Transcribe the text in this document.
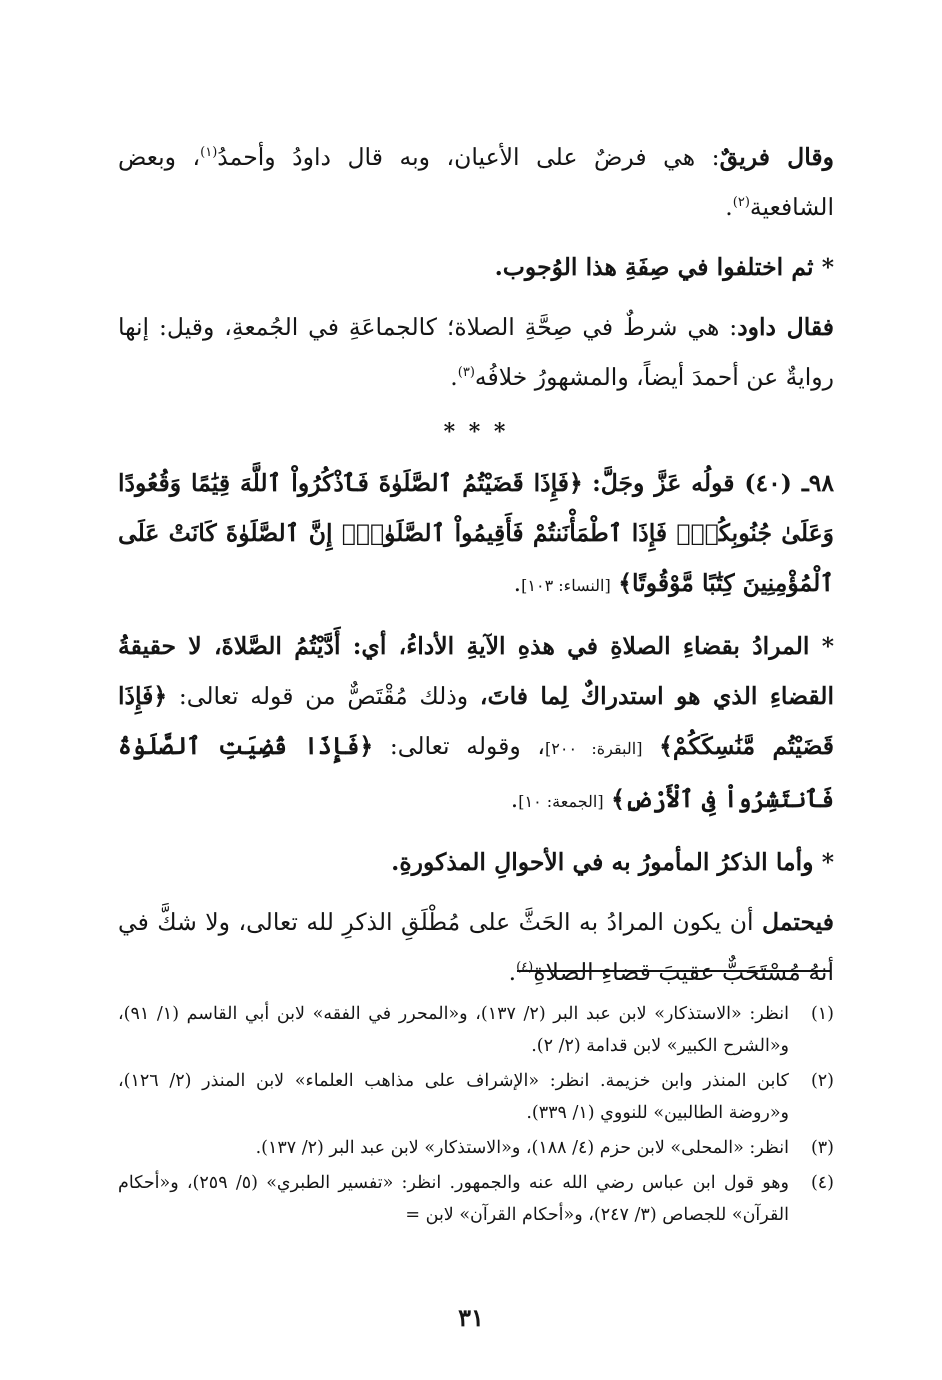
وقال فريقٌ: هي فرضٌ على الأعيان، وبه قال داودُ وأحمدُ$^{(١)}$، وبعض الشافعية$^{(٢)}$.

* ثم اختلفوا في صِفَةِ هذا الوُجوب.

فقال داود: هي شرطٌ في صِحَّةِ الصلاة؛ كالجماعَةِ في الجُمعةِ، وقيل: إنها روايةٌ عن أحمدَ أيضاً، والمشهورُ خلافُه$^{(٣)}$.

* * *

٩٨ـ (٤٠) قولُه عَزَّ وجَلَّ: ﴿فَإِذَا قَضَيْتُمُ ٱلصَّلَوٰةَ فَٱذْكُرُواْ ٱللَّهَ قِيَٰمًا وَقُعُودًا وَعَلَىٰ جُنُوبِكُمْۚ فَإِذَا ٱطْمَأْنَنتُمْ فَأَقِيمُواْ ٱلصَّلَوٰةَۚ إِنَّ ٱلصَّلَوٰةَ كَانَتْ عَلَى ٱلْمُؤْمِنِينَ كِتَٰبًا مَّوْقُوتًا﴾ [النساء: ١٠٣].

* المرادُ بقضاءِ الصلاةِ في هذهِ الآيةِ الأداءُ، أي: أَدَّيْتُمُ الصَّلاةَ، لا حقيقةُ القضاءِ الذي هو استدراكٌ لِما فاتَ، وذلك مُقْتَصٌّ من قوله تعالى: ﴿فَإِذَا قَضَيْتُم مَّنَٰسِكَكُمْ﴾ [البقرة: ٢٠٠]، وقوله تعالى: ﴿فَإِذَا قُضِيَتِ ٱلصَّلَوٰةُ فَٱنتَشِرُواْ فِى ٱلْأَرْضِ﴾ [الجمعة: ١٠].

* وأما الذكرُ المأمورُ به في الأحوالِ المذكورةِ.

فيحتمل أن يكون المرادُ به الحَثَّ على مُطْلَقِ الذكرِ لله تعالى، ولا شكَّ في أنهُ مُسْتَحَبٌّ عقيبَ قضاءِ الصلاةِ$^{(٤)}$.

(١)
انظر: «الاستذكار» لابن عبد البر (٢/ ١٣٧)، و«المحرر في الفقه» لابن أبي القاسم (١/ ٩١)، و«الشرح الكبير» لابن قدامة (٢/ ٢).
(٢)
كابن المنذر وابن خزيمة. انظر: «الإشراف على مذاهب العلماء» لابن المنذر (٢/ ١٢٦)، و«روضة الطالبين» للنووي (١/ ٣٣٩).
(٣)
انظر: «المحلى» لابن حزم (٤/ ١٨٨)، و«الاستذكار» لابن عبد البر (٢/ ١٣٧).
(٤)
وهو قول ابن عباس رضي الله عنه والجمهور. انظر: «تفسير الطبري» (٥/ ٢٥٩)، و«أحكام القرآن» للجصاص (٣/ ٢٤٧)، و«أحكام القرآن» لابن =
٣١
